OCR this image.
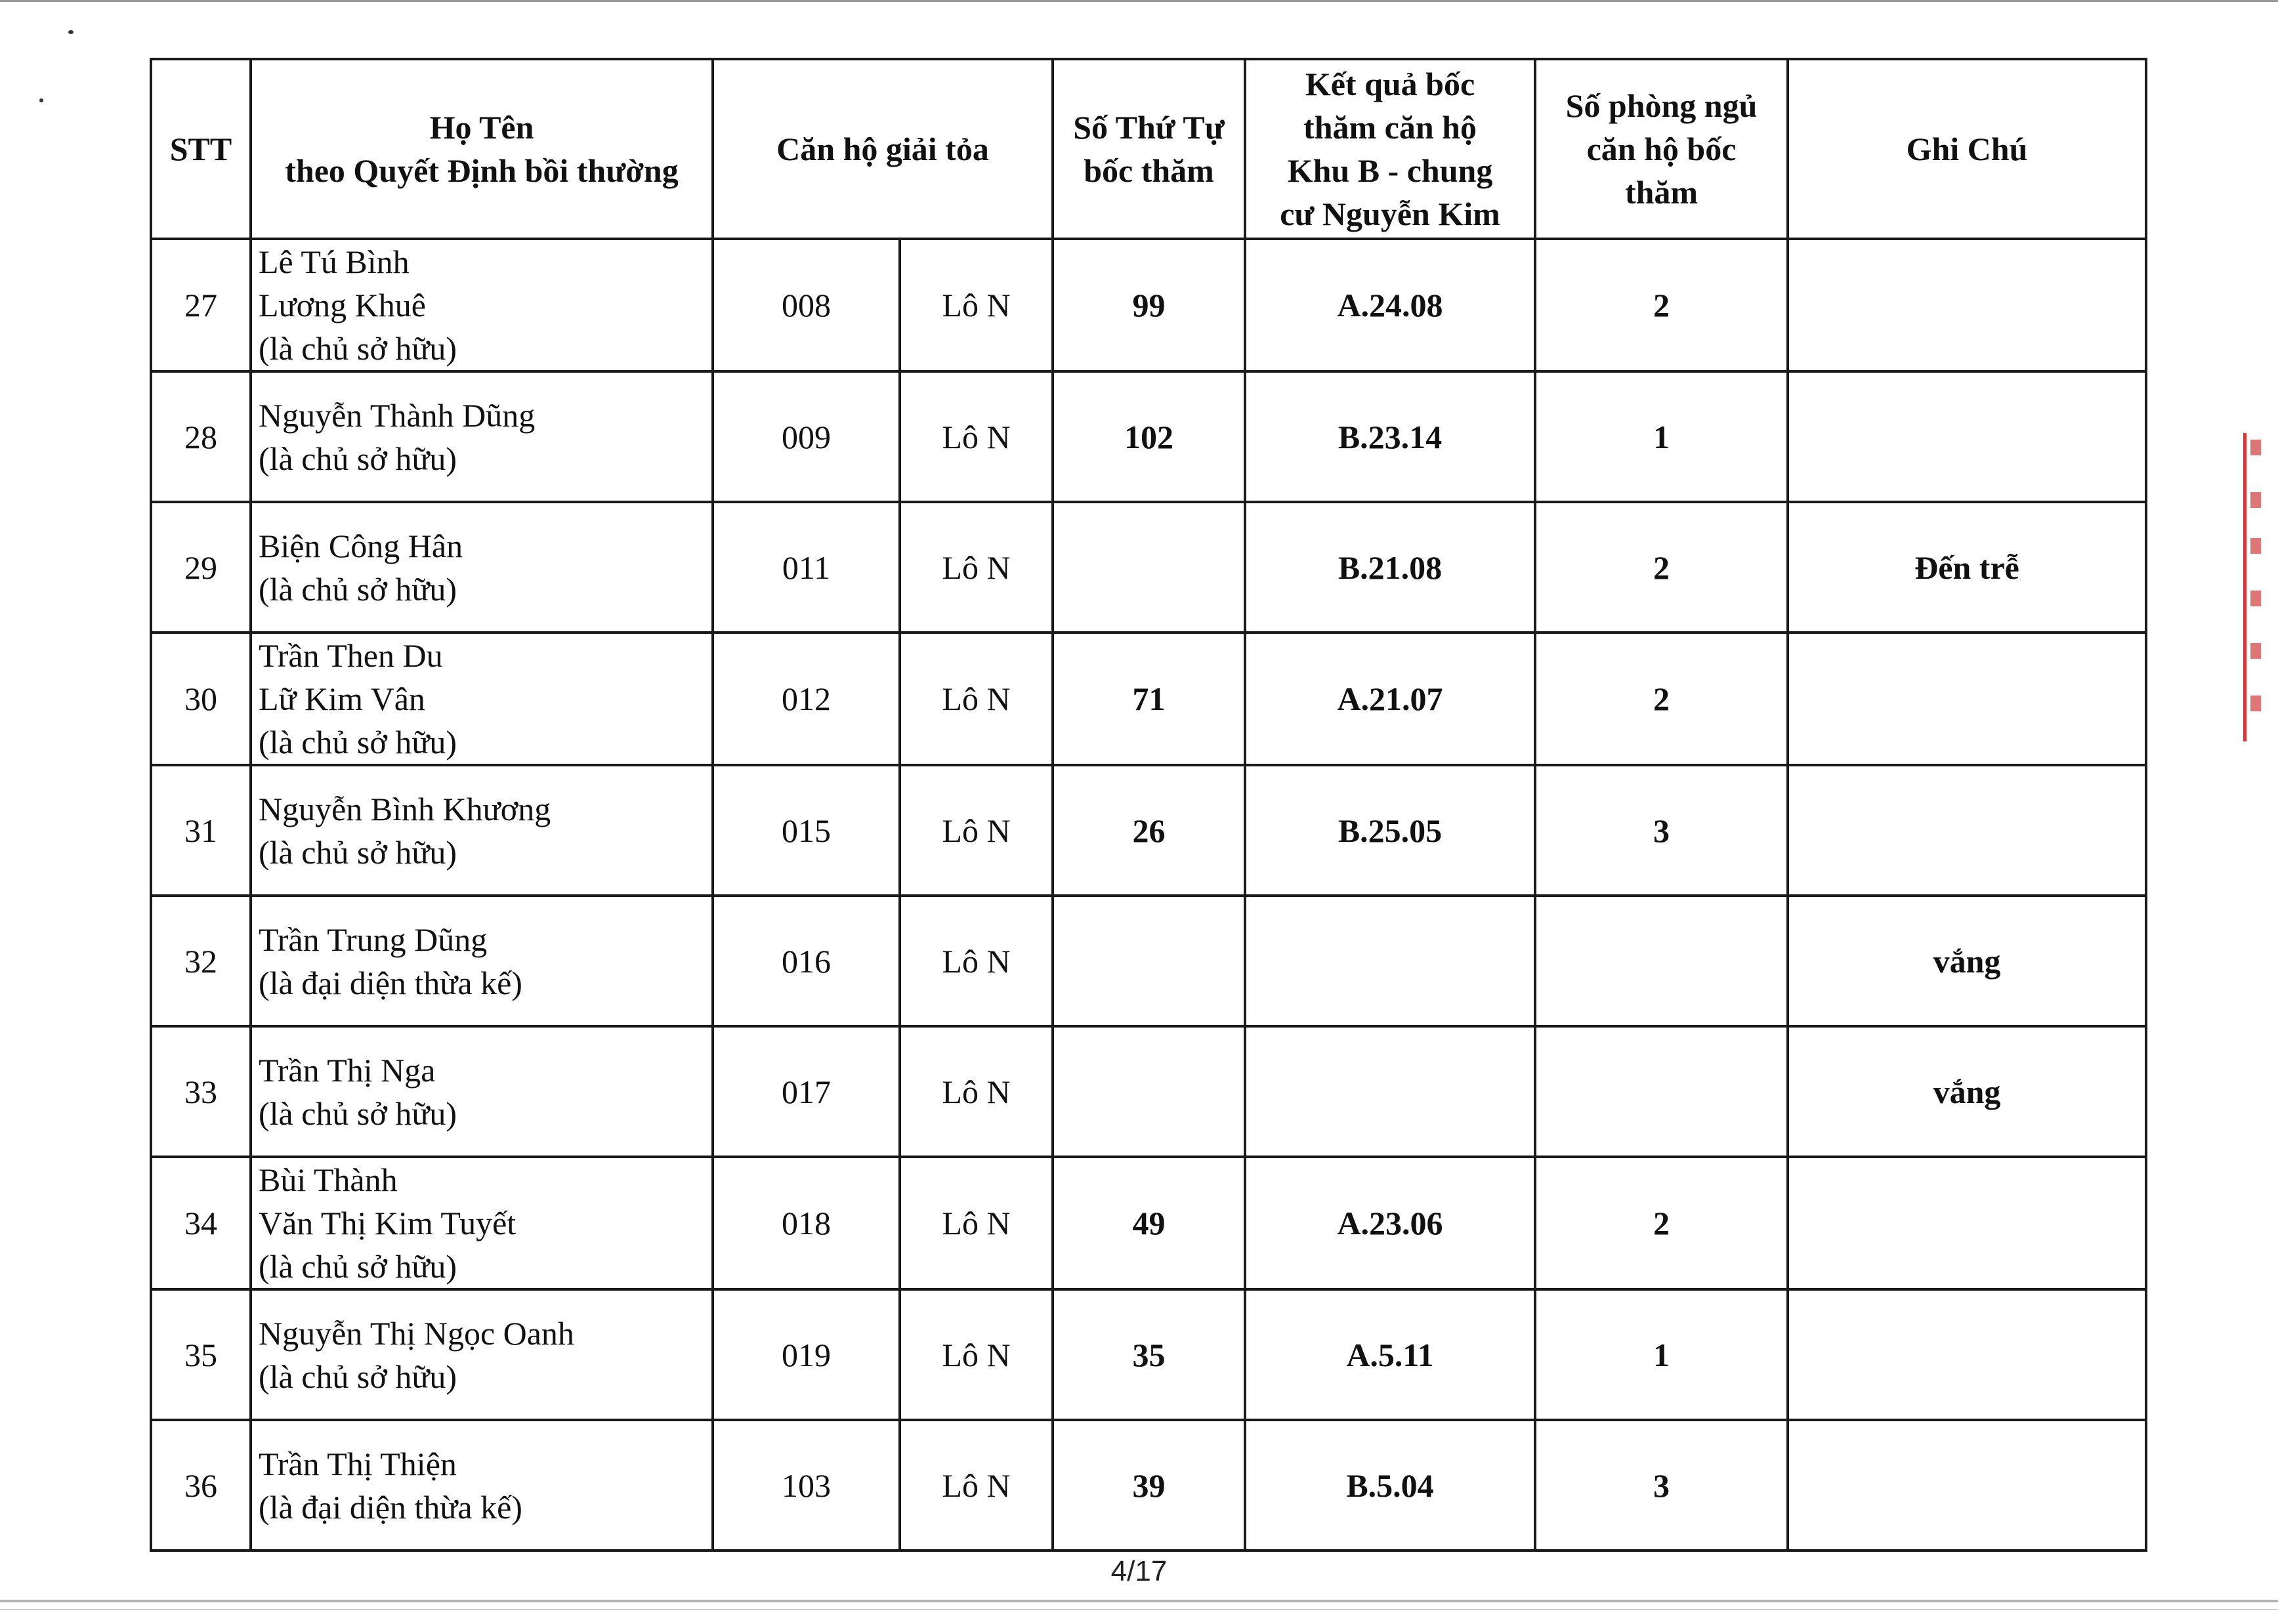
STT	Họ Tên
theo Quyết Định bồi thường	Căn hộ giải tỏa		Số Thứ Tự
bốc thăm	Kết quả bốc
thăm căn hộ
Khu B - chung
cư Nguyễn Kim	Số phòng ngủ
căn hộ bốc
thăm	Ghi Chú
27	Lê Tú Bình
Lương Khuê
(là chủ sở hữu)	008	Lô N	99	A.24.08	2	
28	Nguyễn Thành Dũng
(là chủ sở hữu)	009	Lô N	102	B.23.14	1	
29	Biện Công Hân
(là chủ sở hữu)	011	Lô N		B.21.08	2	Đến trễ
30	Trần Then Du
Lữ Kim Vân
(là chủ sở hữu)	012	Lô N	71	A.21.07	2	
31	Nguyễn Bình Khương
(là chủ sở hữu)	015	Lô N	26	B.25.05	3	
32	Trần Trung Dũng
(là đại diện thừa kế)	016	Lô N				vắng
33	Trần Thị Nga
(là chủ sở hữu)	017	Lô N				vắng
34	Bùi Thành
Văn Thị Kim Tuyết
(là chủ sở hữu)	018	Lô N	49	A.23.06	2	
35	Nguyễn Thị Ngọc Oanh
(là chủ sở hữu)	019	Lô N	35	A.5.11	1	
36	Trần Thị Thiện
(là đại diện thừa kế)	103	Lô N	39	B.5.04	3	
4/17
